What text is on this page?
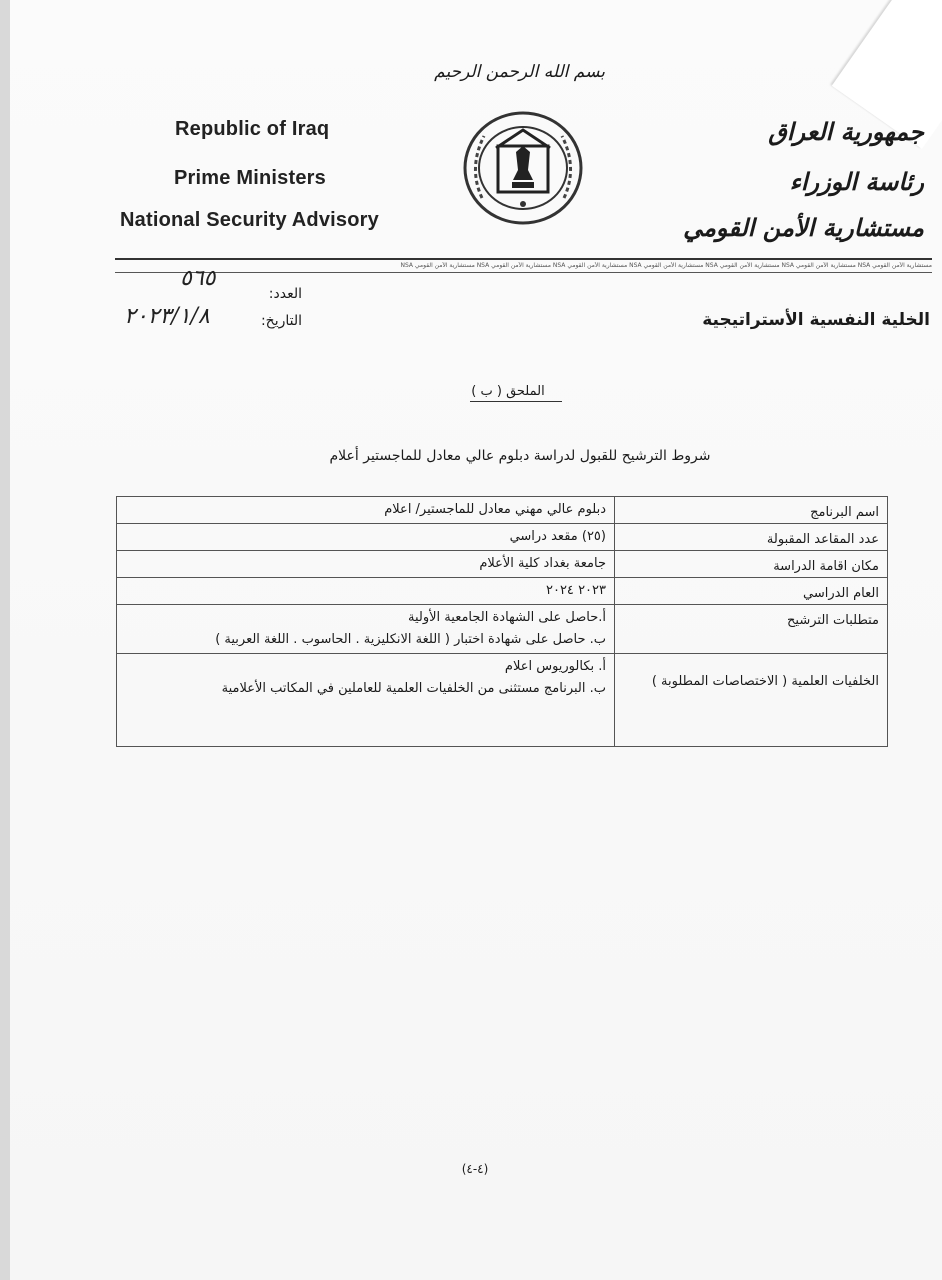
بسم الله الرحمن الرحيم
Republic of Iraq
Prime Ministers
National Security Advisory
جمهورية العراق
رئاسة الوزراء
مستشارية الأمن القومي
مستشارية الأمن القومي NSA مستشارية الأمن القومي NSA مستشارية الأمن القومي NSA مستشارية الأمن القومي NSA مستشارية الأمن القومي NSA مستشارية الأمن القومي NSA مستشارية الأمن القومي NSA
العدد:
٥٦٥
التاريخ:
٢٠٢٣/١/٨	الخلية النفسية الأستراتيجية
الملحق ( ب )
شروط الترشيح للقبول لدراسة دبلوم عالي معادل للماجستير أعلام
اسم البرنامج	دبلوم عالي مهني معادل للماجستير/ اعلام

عدد المقاعد المقبولة	(٢٥) مقعد دراسي

مكان اقامة الدراسة	جامعة بغداد كلية الأعلام

العام الدراسي	٢٠٢٣ ٢٠٢٤

متطلبات الترشيح	أ.حاصل على الشهادة الجامعية الأولية
ب. حاصل على شهادة اختبار ( اللغة الانكليزية . الحاسوب . اللغة العربية )

الخلفيات العلمية ( الاختصاصات المطلوبة )	أ. بكالوريوس اعلام
ب. البرنامج مستثنى من الخلفيات العلمية للعاملين في المكاتب الأعلامية
(٤-٤)
